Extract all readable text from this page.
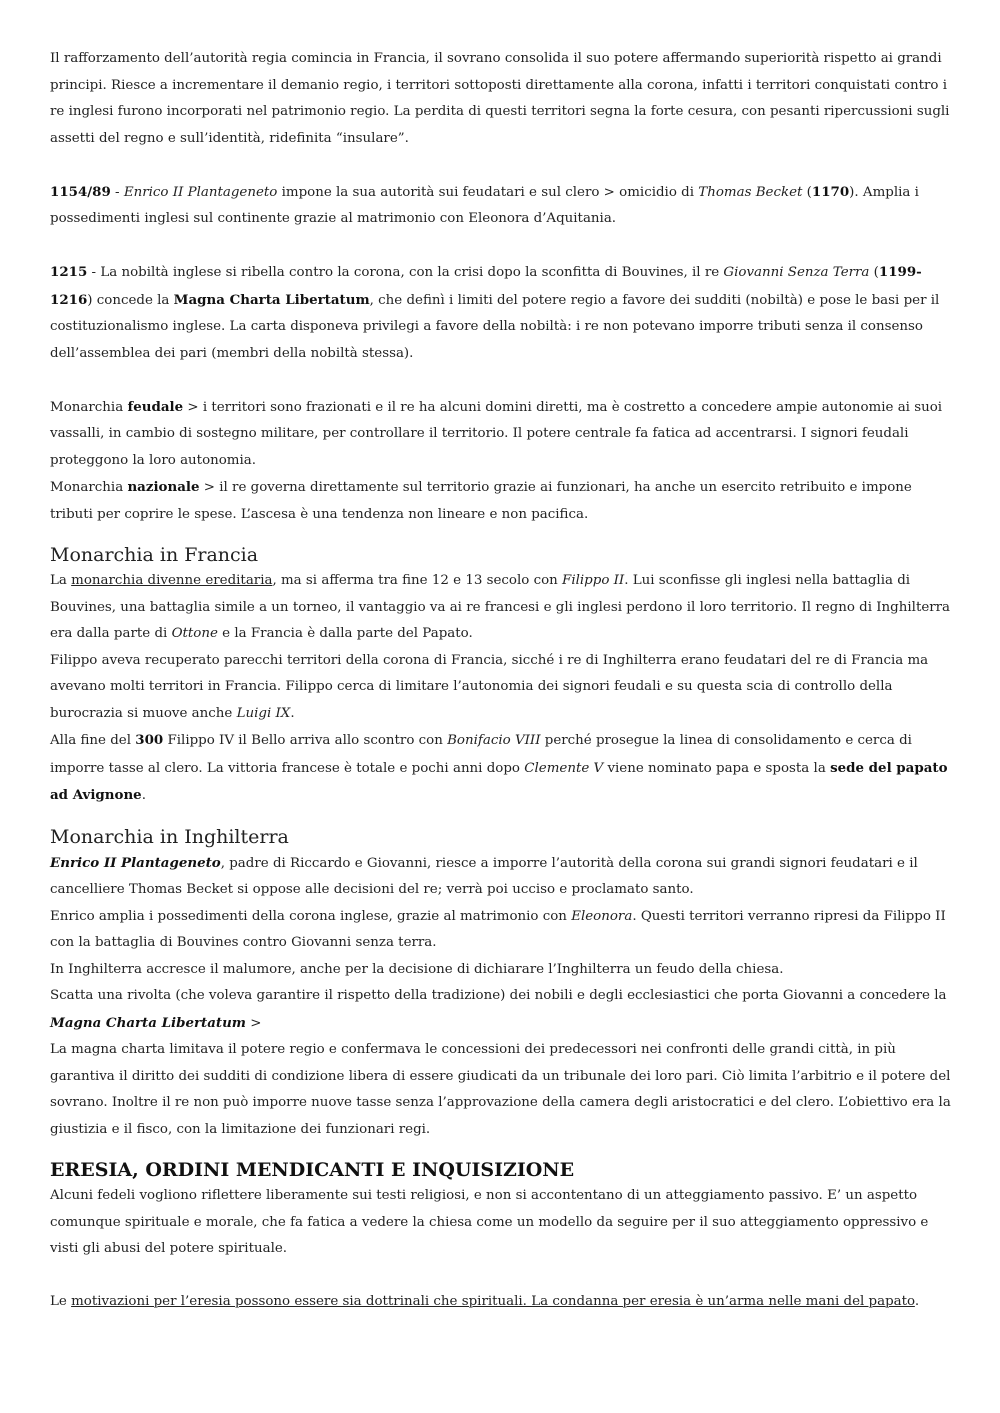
Il rafforzamento dell’autorità regia comincia in Francia, il sovrano consolida il suo potere affermando superiorità rispetto ai grandi principi. Riesce a incrementare il demanio regio, i territori sottoposti direttamente alla corona, infatti i territori conquistati contro i re inglesi furono incorporati nel patrimonio regio. La perdita di questi territori segna la forte cesura, con pesanti ripercussioni sugli assetti del regno e sull’identità, ridefinita “insulare”.

1154/89 - Enrico II Plantageneto impone la sua autorità sui feudatari e sul clero > omicidio di Thomas Becket (1170). Amplia i possedimenti inglesi sul continente grazie al matrimonio con Eleonora d’Aquitania.

1215 - La nobiltà inglese si ribella contro la corona, con la crisi dopo la sconfitta di Bouvines, il re Giovanni Senza Terra (1199-1216) concede la Magna Charta Libertatum, che definì i limiti del potere regio a favore dei sudditi (nobiltà) e pose le basi per il costituzionalismo inglese. La carta disponeva privilegi a favore della nobiltà: i re non potevano imporre tributi senza il consenso dell’assemblea dei pari (membri della nobiltà stessa).

Monarchia feudale > i territori sono frazionati e il re ha alcuni domini diretti, ma è costretto a concedere ampie autonomie ai suoi vassalli, in cambio di sostegno militare, per controllare il territorio. Il potere centrale fa fatica ad accentrarsi. I signori feudali proteggono la loro autonomia.

Monarchia nazionale > il re governa direttamente sul territorio grazie ai funzionari, ha anche un esercito retribuito e impone tributi per coprire le spese. L’ascesa è una tendenza non lineare e non pacifica.

Monarchia in Francia

La monarchia divenne ereditaria, ma si afferma tra fine 12 e 13 secolo con Filippo II. Lui sconfisse gli inglesi nella battaglia di Bouvines, una battaglia simile a un torneo, il vantaggio va ai re francesi e gli inglesi perdono il loro territorio. Il regno di Inghilterra era dalla parte di Ottone e la Francia è dalla parte del Papato.

Filippo aveva recuperato parecchi territori della corona di Francia, sicché i re di Inghilterra erano feudatari del re di Francia ma avevano molti territori in Francia. Filippo cerca di limitare l’autonomia dei signori feudali e su questa scia di controllo della burocrazia si muove anche Luigi IX.

Alla fine del 300 Filippo IV il Bello arriva allo scontro con Bonifacio VIII perché prosegue la linea di consolidamento e cerca di imporre tasse al clero. La vittoria francese è totale e pochi anni dopo Clemente V viene nominato papa e sposta la sede del papato ad Avignone.

Monarchia in Inghilterra

Enrico II Plantageneto, padre di Riccardo e Giovanni, riesce a imporre l’autorità della corona sui grandi signori feudatari e il cancelliere Thomas Becket si oppose alle decisioni del re; verrà poi ucciso e proclamato santo.

Enrico amplia i possedimenti della corona inglese, grazie al matrimonio con Eleonora. Questi territori verranno ripresi da Filippo II con la battaglia di Bouvines contro Giovanni senza terra.

In Inghilterra accresce il malumore, anche per la decisione di dichiarare l’Inghilterra un feudo della chiesa.

Scatta una rivolta (che voleva garantire il rispetto della tradizione) dei nobili e degli ecclesiastici che porta Giovanni a concedere la Magna Charta Libertatum >

La magna charta limitava il potere regio e confermava le concessioni dei predecessori nei confronti delle grandi città, in più garantiva il diritto dei sudditi di condizione libera di essere giudicati da un tribunale dei loro pari. Ciò limita l’arbitrio e il potere del sovrano. Inoltre il re non può imporre nuove tasse senza l’approvazione della camera degli aristocratici e del clero. L’obiettivo era la giustizia e il fisco, con la limitazione dei funzionari regi.

ERESIA, ORDINI MENDICANTI E INQUISIZIONE

Alcuni fedeli vogliono riflettere liberamente sui testi religiosi, e non si accontentano di un atteggiamento passivo. E’ un aspetto comunque spirituale e morale, che fa fatica a vedere la chiesa come un modello da seguire per il suo atteggiamento oppressivo e visti gli abusi del potere spirituale.

Le motivazioni per l’eresia possono essere sia dottrinali che spirituali. La condanna per eresia è un’arma nelle mani del papato.
